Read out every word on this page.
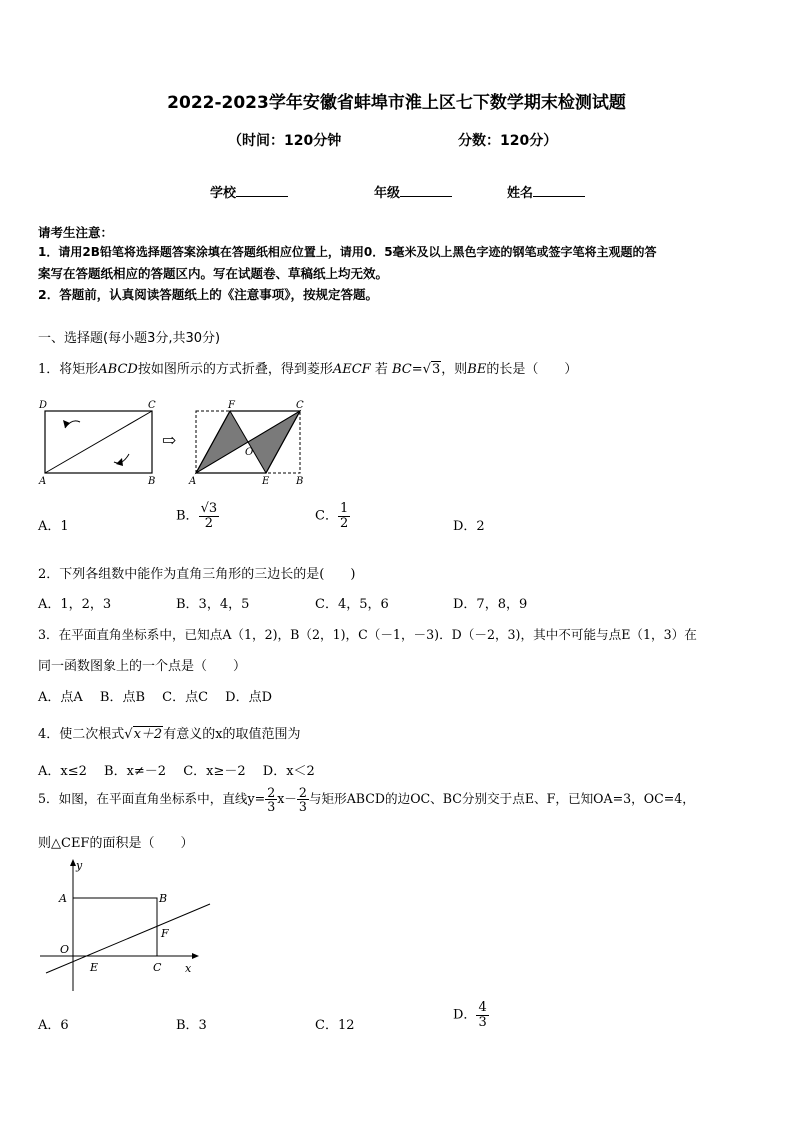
2022-2023学年安徽省蚌埠市淮上区七下数学期末检测试题
（时间：120分钟	分数：120分）
学校	年级	姓名
请考生注意：
1．请用2B铅笔将选择题答案涂填在答题纸相应位置上，请用0．5毫米及以上黑色字迹的钢笔或签字笔将主观题的答
案写在答题纸相应的答题区内。写在试题卷、草稿纸上均无效。
2．答题前，认真阅读答题纸上的《注意事项》，按规定答题。
一、选择题(每小题3分,共30分)
1．将矩形ABCD按如图所示的方式折叠，得到菱形AECF 若 BC=√3，则BE的长是（　　）
D	C
A	B
⇨
F	C
O
A	E	B
A．1
B． $\frac{√3}{2}$	C． $\frac{1}{2}$	D．2
2．下列各组数中能作为直角三角形的三边长的是(　　)
A．1，2，3	B．3，4，5	C．4，5，6	D．7，8，9
3．在平面直角坐标系中，已知点A（1，2)，B（2，1)，C（－1，－3)．D（－2，3)，其中不可能与点E（1，3）在
同一函数图象上的一个点是（　　）
A．点A　 B．点B　 C．点C　 D．点D
4．使二次根式√x＋2有意义的x的取值范围为
A．x≤2　 B．x≠－2　 C．x≥－2　 D．x＜2
5．如图，在平面直角坐标系中，直线$y= \frac{2}{3} x- \frac{2}{3}$ 与矩形ABCD的边OC、BC分别交于点E、F，已知OA=3，OC=4，
则△CEF的面积是（　　）
y
x
A	B
O
E	C
F
A．6	B．3	C．12
D． $\frac{4}{3}$
